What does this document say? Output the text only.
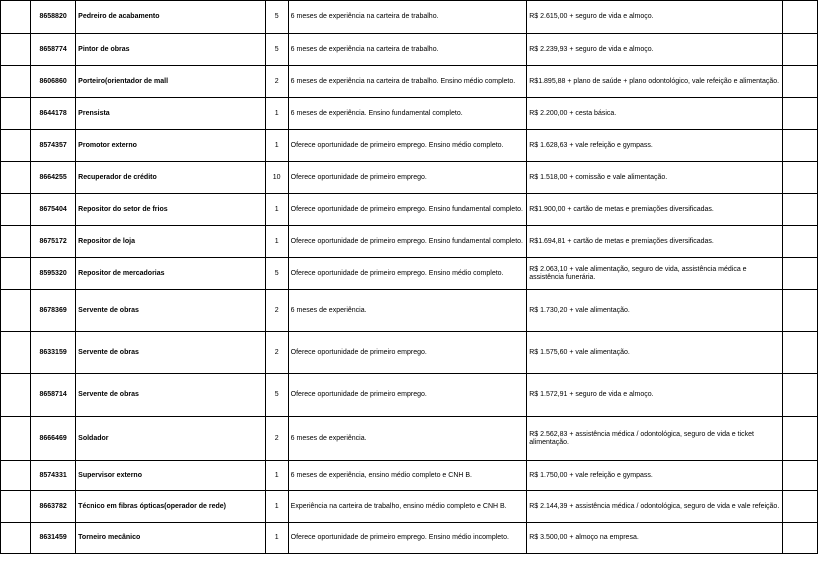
	8658820	Pedreiro de acabamento	5	6 meses de experiência na carteira de trabalho.	R$ 2.615,00 + seguro de vida e almoço.	
	8658774	Pintor de obras	5	6 meses de experiência na carteira de trabalho.	R$ 2.239,93 + seguro de vida e almoço.	
	8606860	Porteiro(orientador de mall	2	6 meses de experiência na carteira de trabalho. Ensino médio completo.	R$1.895,88 + plano de saúde + plano odontológico, vale refeição e alimentação.	
	8644178	Prensista	1	6 meses de experiência. Ensino fundamental completo.	R$ 2.200,00 + cesta básica.	
	8574357	Promotor externo	1	Oferece oportunidade de primeiro emprego. Ensino médio completo.	R$ 1.628,63 + vale refeição e gympass.	
	8664255	Recuperador de crédito	10	Oferece oportunidade de primeiro emprego.	R$ 1.518,00 + comissão e vale alimentação.	
	8675404	Repositor do setor de frios	1	Oferece oportunidade de primeiro emprego. Ensino fundamental completo.	R$1.900,00 + cartão de metas e premiações diversificadas.	
	8675172	Repositor de loja	1	Oferece oportunidade de primeiro emprego. Ensino fundamental completo.	R$1.694,81 + cartão de metas e premiações diversificadas.	
	8595320	Repositor de mercadorias	5	Oferece oportunidade de primeiro emprego. Ensino médio completo.	R$ 2.063,10 + vale alimentação, seguro de vida, assistência médica e assistência funerária.	
	8678369	Servente de obras	2	6 meses de experiência.	R$ 1.730,20 + vale alimentação.	
	8633159	Servente de obras	2	Oferece oportunidade de primeiro emprego.	R$ 1.575,60 + vale alimentação.	
	8658714	Servente de obras	5	Oferece oportunidade de primeiro emprego.	R$ 1.572,91 + seguro de vida e almoço.	
	8666469	Soldador	2	6 meses de experiência.	R$ 2.562,83 + assistência médica / odontológica, seguro de vida e ticket alimentação.	
	8574331	Supervisor externo	1	6 meses de experiência, ensino médio completo e CNH B.	R$ 1.750,00 + vale refeição e gympass.	
	8663782	Técnico em fibras ópticas(operador de rede)	1	Experiência na carteira de trabalho, ensino médio completo e CNH B.	R$ 2.144,39 + assistência médica / odontológica, seguro de vida e vale refeição.	
	8631459	Torneiro mecânico	1	Oferece oportunidade de primeiro emprego. Ensino médio incompleto.	R$ 3.500,00 + almoço na empresa.	
